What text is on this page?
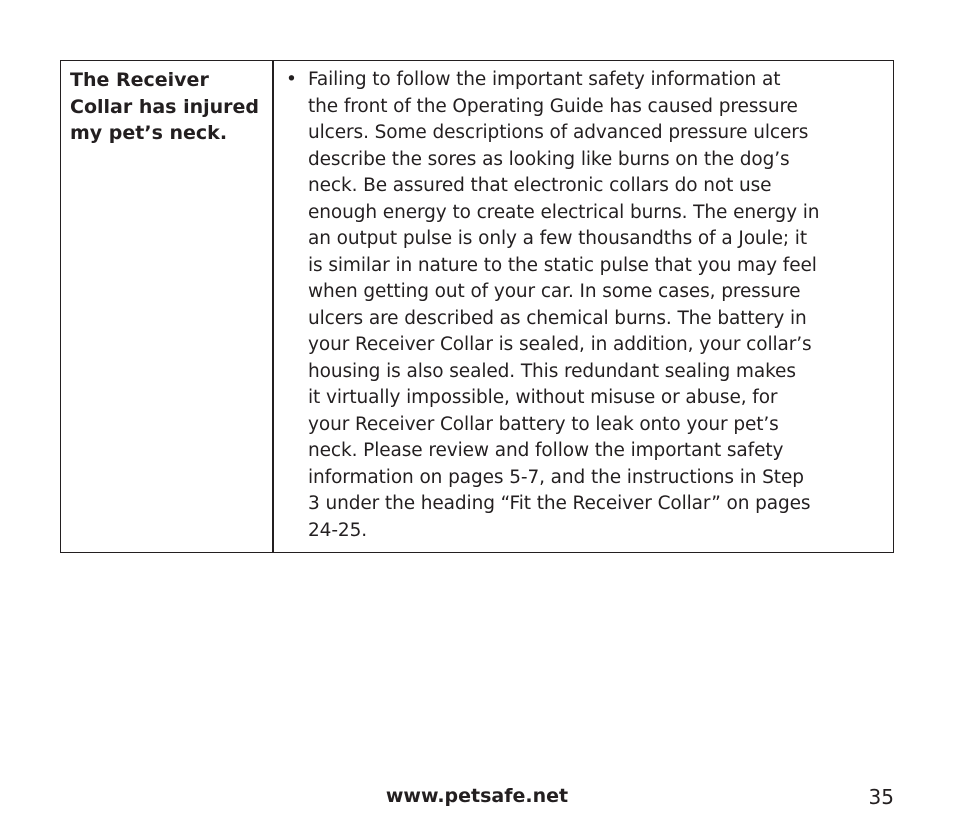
The Receiver Collar has injured my pet’s neck.
• Failing to follow the important safety information at
the front of the Operating Guide has caused pressure
ulcers. Some descriptions of advanced pressure ulcers
describe the sores as looking like burns on the dog’s
neck. Be assured that electronic collars do not use
enough energy to create electrical burns. The energy in
an output pulse is only a few thousandths of a Joule; it
is similar in nature to the static pulse that you may feel
when getting out of your car. In some cases, pressure
ulcers are described as chemical burns. The battery in
your Receiver Collar is sealed, in addition, your collar’s
housing is also sealed. This redundant sealing makes
it virtually impossible, without misuse or abuse, for
your Receiver Collar battery to leak onto your pet’s
neck. Please review and follow the important safety
information on pages 5-7, and the instructions in Step
3 under the heading “Fit the Receiver Collar” on pages
24-25.
www.petsafe.net	35
